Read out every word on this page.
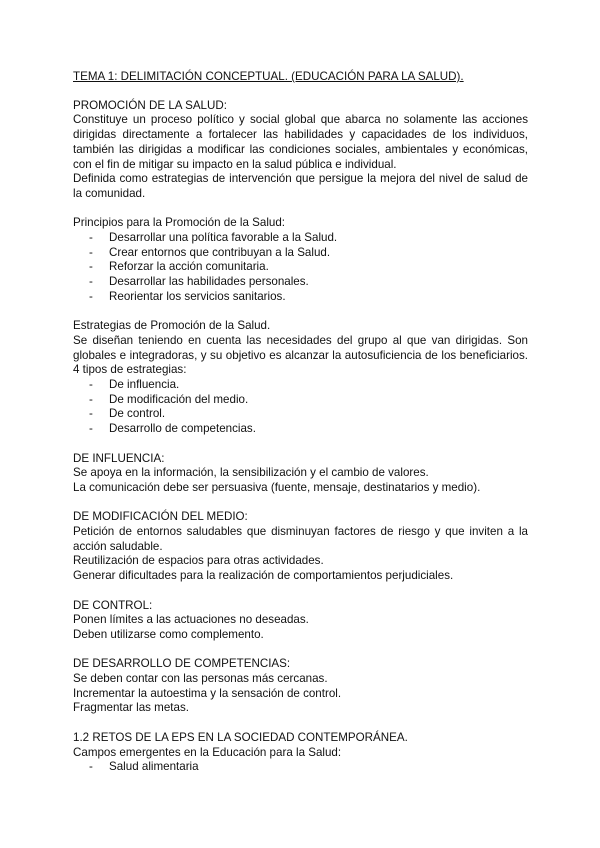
TEMA 1: DELIMITACIÓN CONCEPTUAL. (EDUCACIÓN PARA LA SALUD).

PROMOCIÓN DE LA SALUD:

Constituye un proceso político y social global que abarca no solamente las acciones dirigidas directamente a fortalecer las habilidades y capacidades de los individuos, también las dirigidas a modificar las condiciones sociales, ambientales y económicas, con el fin de mitigar su impacto en la salud pública e individual.

Definida como estrategias de intervención que persigue la mejora del nivel de salud de la comunidad.

Principios para la Promoción de la Salud:

- Desarrollar una política favorable a la Salud.
- Crear entornos que contribuyan a la Salud.
- Reforzar la acción comunitaria.
- Desarrollar las habilidades personales.
- Reorientar los servicios sanitarios.

Estrategias de Promoción de la Salud.

Se diseñan teniendo en cuenta las necesidades del grupo al que van dirigidas. Son globales e integradoras, y su objetivo es alcanzar la autosuficiencia de los beneficiarios. 4 tipos de estrategias:

- De influencia.
- De modificación del medio.
- De control.
- Desarrollo de competencias.

DE INFLUENCIA:

Se apoya en la información, la sensibilización y el cambio de valores.

La comunicación debe ser persuasiva (fuente, mensaje, destinatarios y medio).

DE MODIFICACIÓN DEL MEDIO:

Petición de entornos saludables que disminuyan factores de riesgo y que inviten a la acción saludable.

Reutilización de espacios para otras actividades.

Generar dificultades para la realización de comportamientos perjudiciales.

DE CONTROL:

Ponen límites a las actuaciones no deseadas.

Deben utilizarse como complemento.

DE DESARROLLO DE COMPETENCIAS:

Se deben contar con las personas más cercanas.

Incrementar la autoestima y la sensación de control.

Fragmentar las metas.

1.2 RETOS DE LA EPS EN LA SOCIEDAD CONTEMPORÁNEA.

Campos emergentes en la Educación para la Salud:

- Salud alimentaria
